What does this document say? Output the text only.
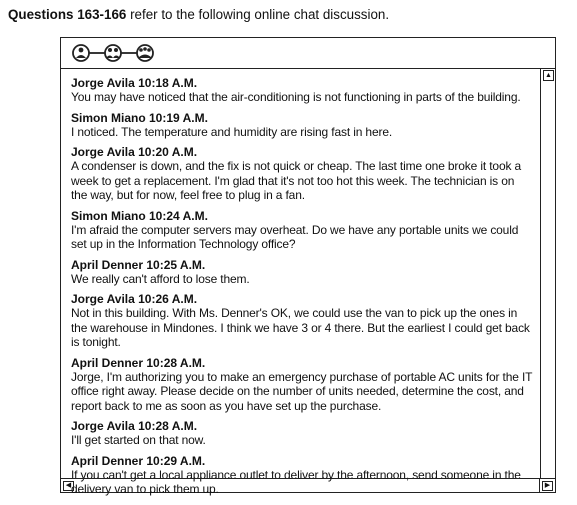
Questions 163-166 refer to the following online chat discussion.
Jorge Avila 10:18 A.M.
You may have noticed that the air-conditioning is not functioning in parts of the building.
Simon Miano 10:19 A.M.
I noticed. The temperature and humidity are rising fast in here.
Jorge Avila 10:20 A.M.
A condenser is down, and the fix is not quick or cheap. The last time one broke it took a week to get a replacement. I'm glad that it's not too hot this week. The technician is on the way, but for now, feel free to plug in a fan.
Simon Miano 10:24 A.M.
I'm afraid the computer servers may overheat. Do we have any portable units we could set up in the Information Technology office?
April Denner 10:25 A.M.
We really can't afford to lose them.
Jorge Avila 10:26 A.M.
Not in this building. With Ms. Denner's OK, we could use the van to pick up the ones in the warehouse in Mindones. I think we have 3 or 4 there. But the earliest I could get back is tonight.
April Denner 10:28 A.M.
Jorge, I'm authorizing you to make an emergency purchase of portable AC units for the IT office right away. Please decide on the number of units needed, determine the cost, and report back to me as soon as you have set up the purchase.
Jorge Avila 10:28 A.M.
I'll get started on that now.
April Denner 10:29 A.M.
If you can't get a local appliance outlet to deliver by the afternoon, send someone in the delivery van to pick them up.
▲
◀	▶
